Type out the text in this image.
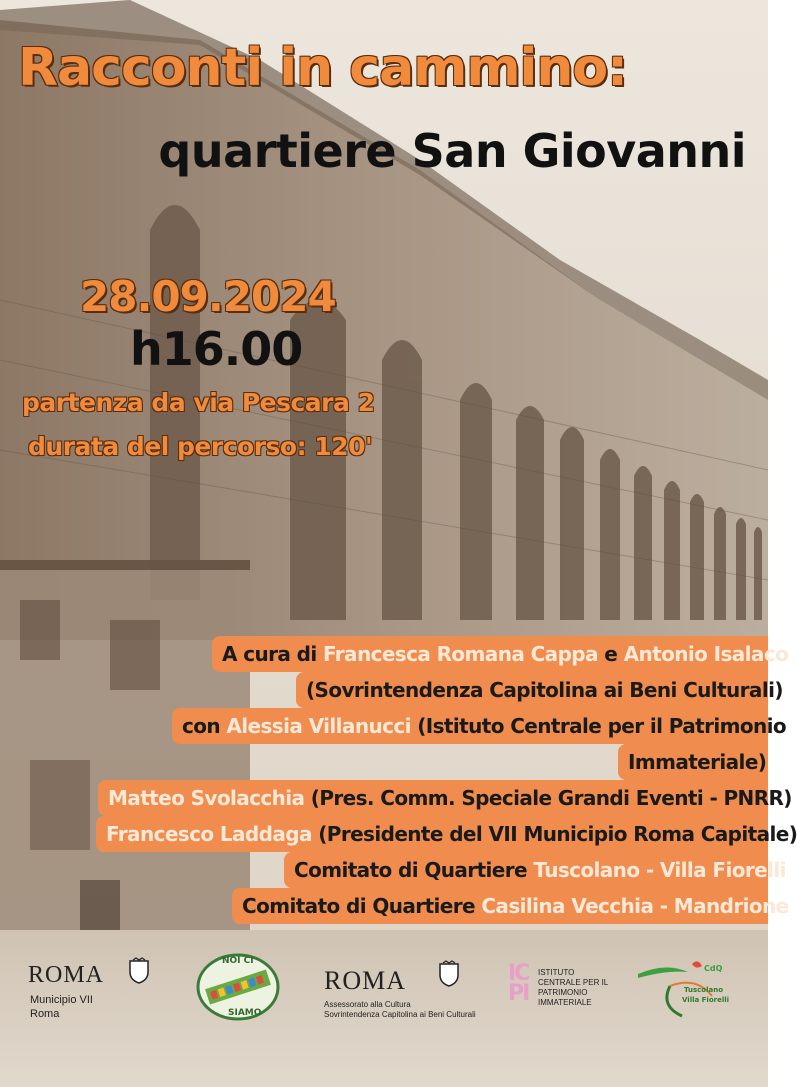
Racconti in cammino:
quartiere San Giovanni
28.09.2024
h16.00
partenza da via Pescara 2
durata del percorso: 120'
A cura di Francesca Romana Cappa e Antonio Isalaco
(Sovrintendenza Capitolina ai Beni Culturali)
con Alessia Villanucci (Istituto Centrale per il Patrimonio
Immateriale)
Matteo Svolacchia (Pres. Comm. Speciale Grandi Eventi - PNRR)
Francesco Laddaga (Presidente del VII Municipio Roma Capitale)
Comitato di Quartiere Tuscolano - Villa Fiorelli
Comitato di Quartiere Casilina Vecchia - Mandrione
ROMA
Municipio VII
Roma
NOI CI
SIAMO
ROMA
Assessorato alla Cultura
Sovrintendenza Capitolina ai Beni Culturali
ICPI
ISTITUTO
CENTRALE PER IL
PATRIMONIO
IMMATERIALE
CdQ
Tuscolano
Villa Fiorelli
